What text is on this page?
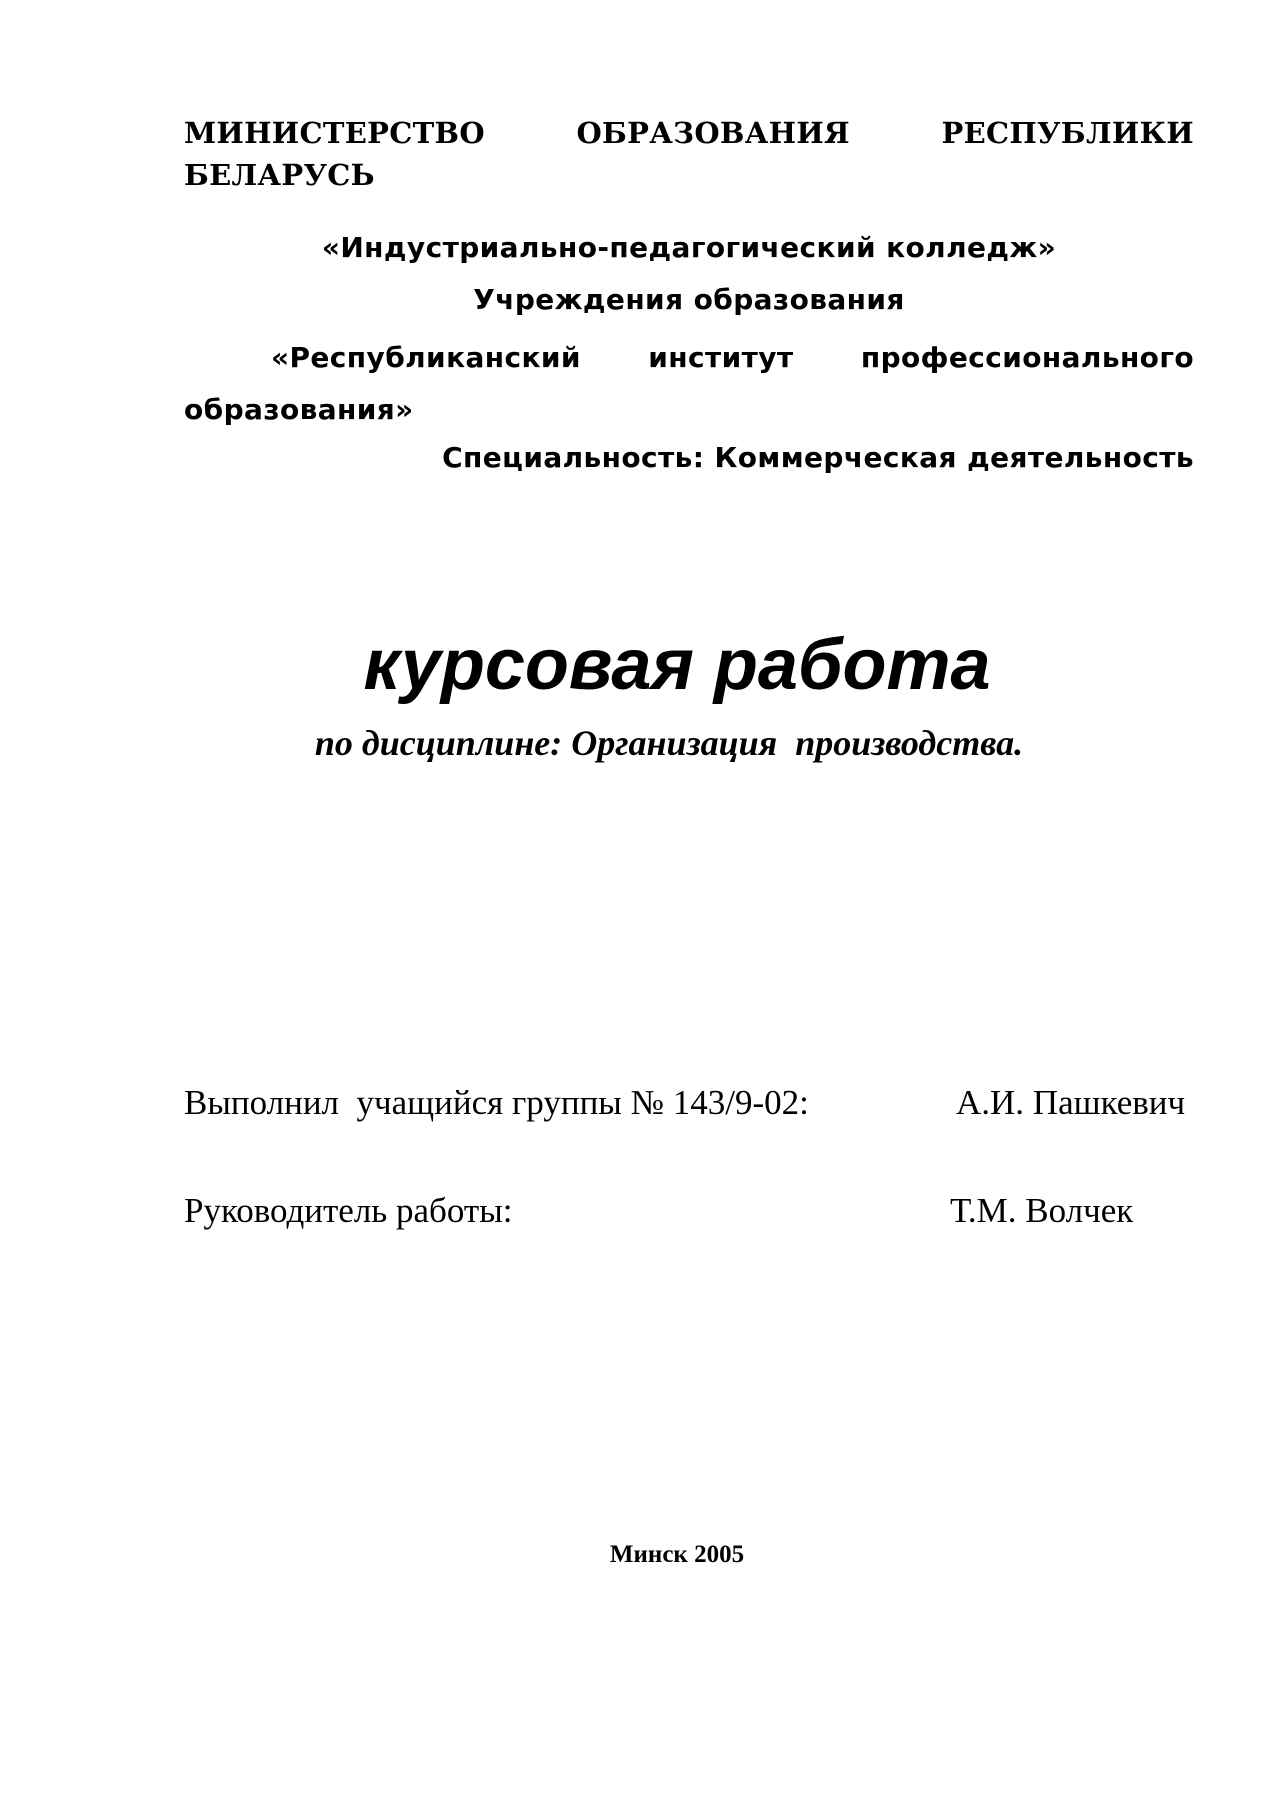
МИНИСТЕРСТВО ОБРАЗОВАНИЯ РЕСПУБЛИКИ БЕЛАРУСЬ
«Индустриально-педагогический колледж»
Учреждения образования
«Республиканский институт профессионального образования»
Специальность: Коммерческая деятельность
курсовая работа
по дисциплине: Организация  производства.
Выполнил  учащийся группы № 143/9-02:	А.И. Пашкевич
Руководитель работы:	Т.М. Волчек
Минск 2005
